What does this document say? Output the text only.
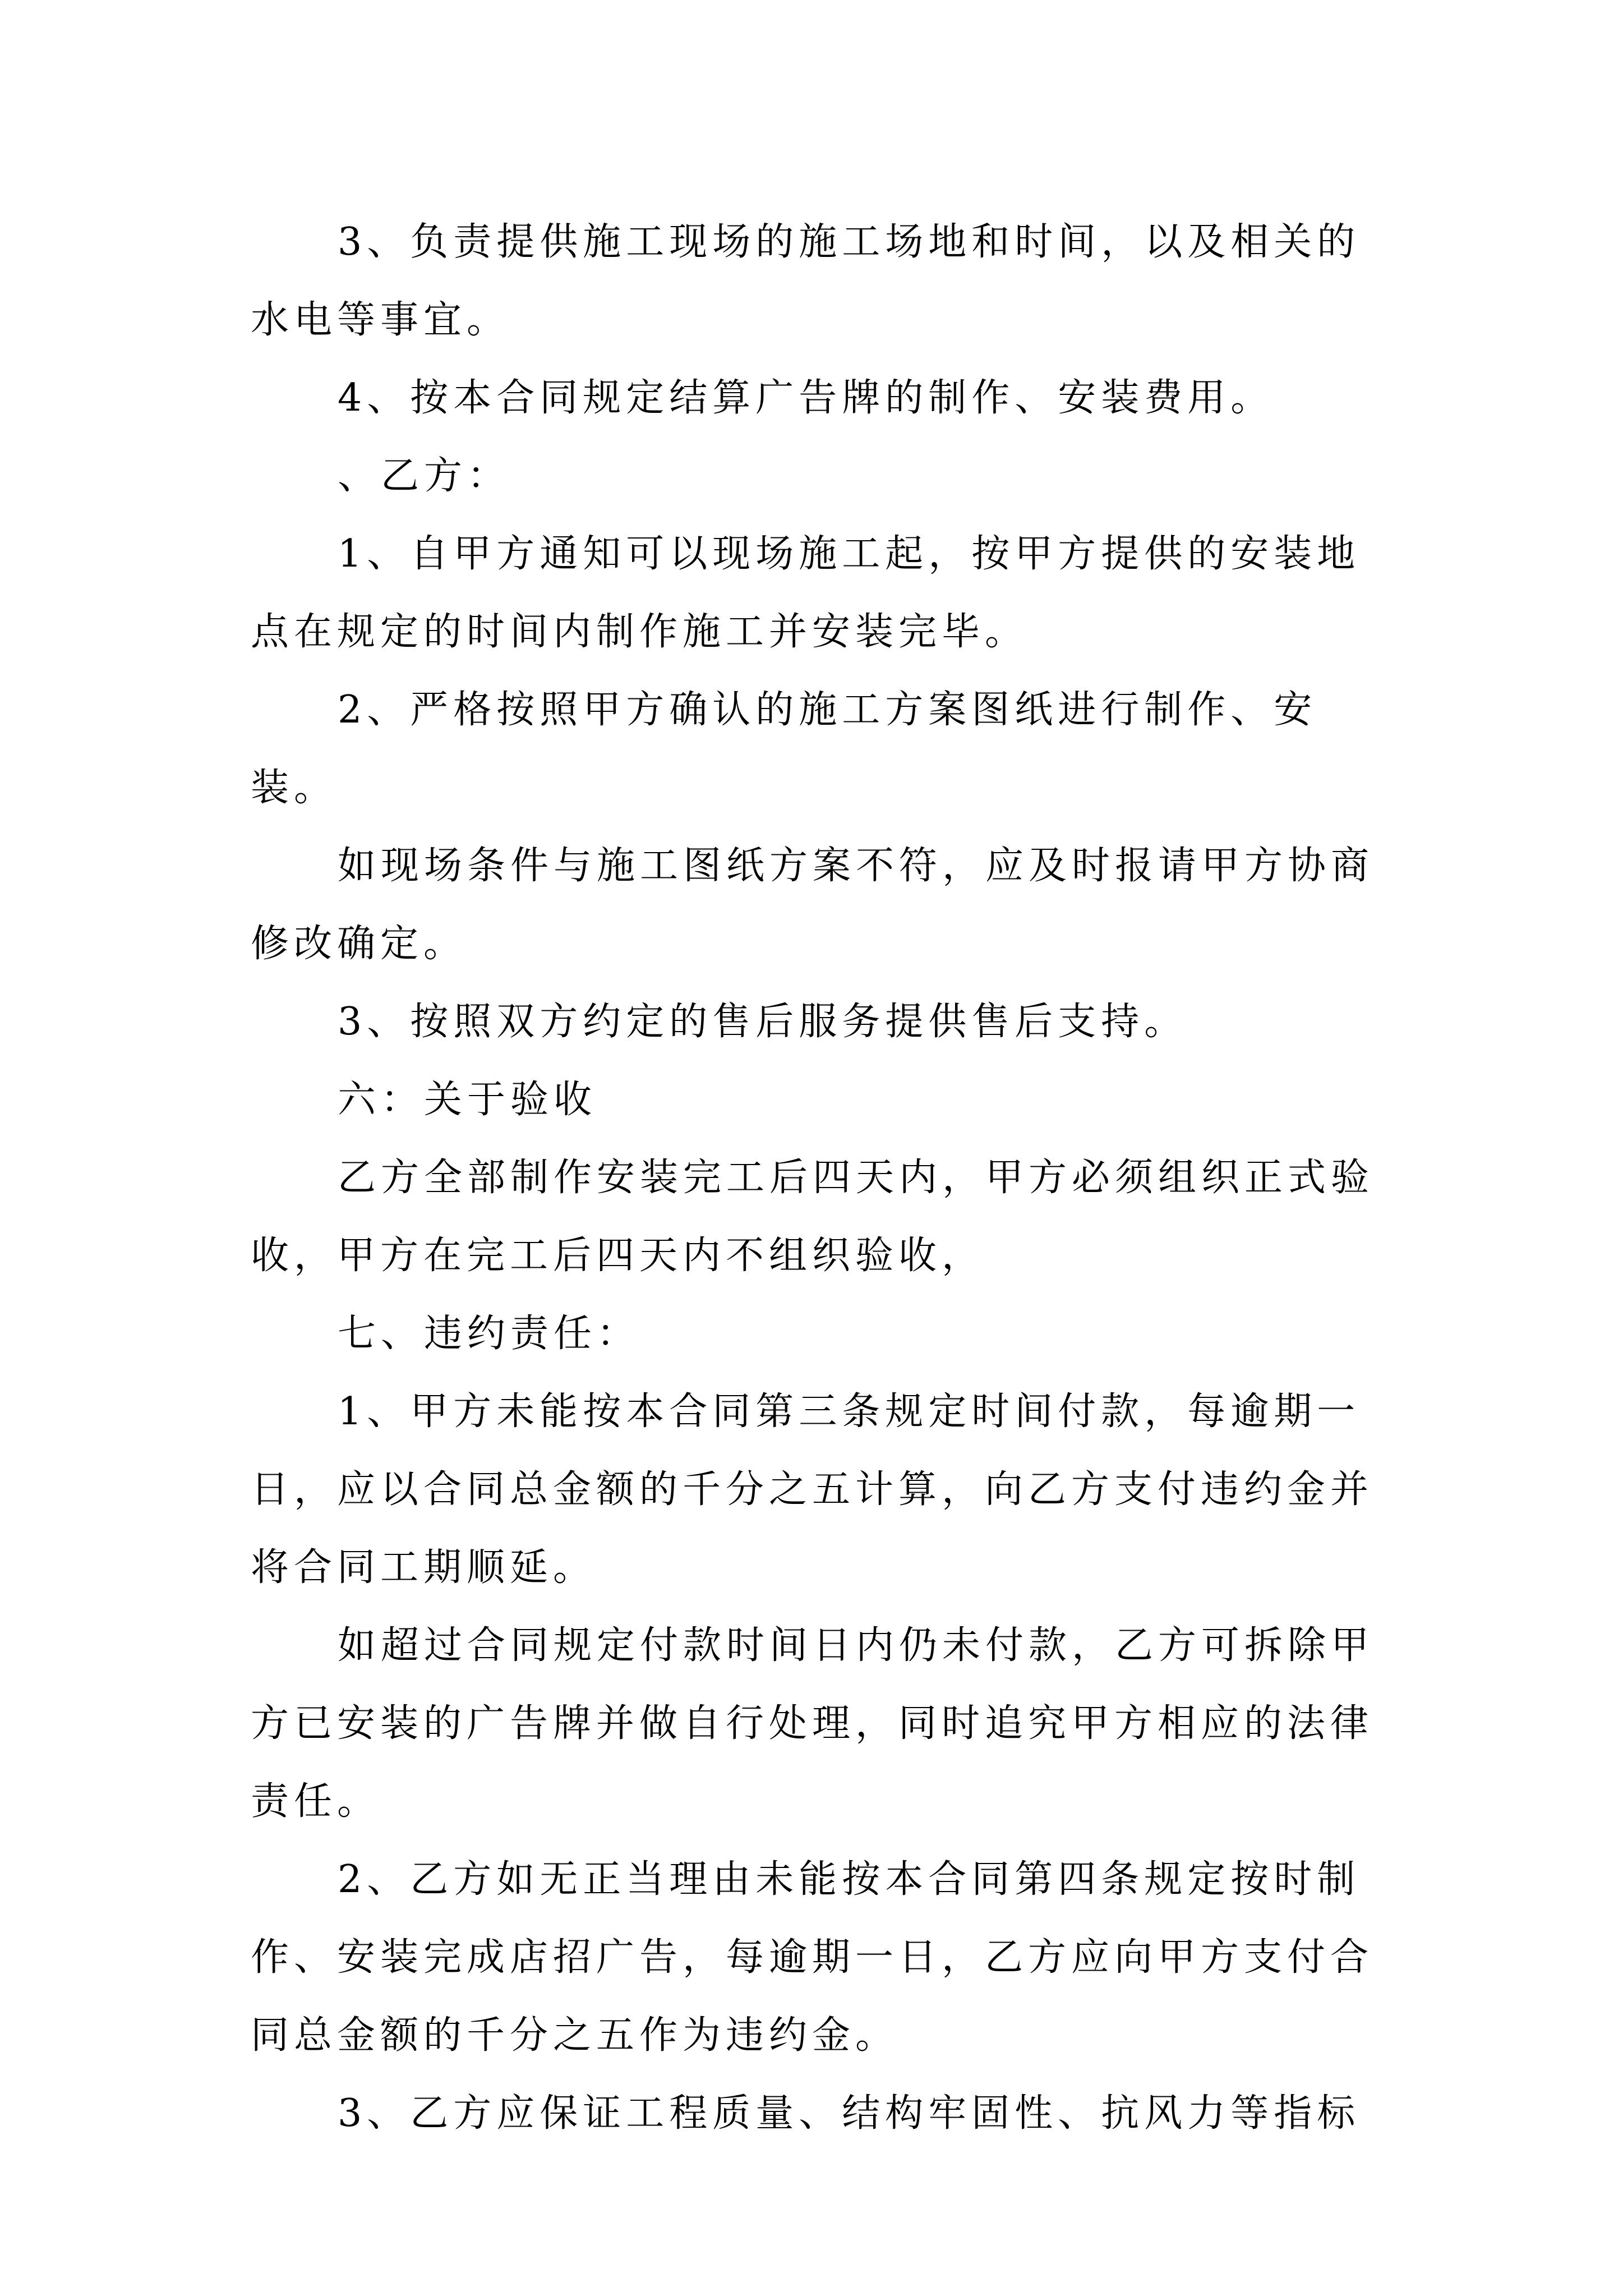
3、负责提供施工现场的施工场地和时间，以及相关的水电等事宜。

4、按本合同规定结算广告牌的制作、安装费用。

、乙方：

1、自甲方通知可以现场施工起，按甲方提供的安装地点在规定的时间内制作施工并安装完毕。

2、严格按照甲方确认的施工方案图纸进行制作、安装。

如现场条件与施工图纸方案不符，应及时报请甲方协商修改确定。

3、按照双方约定的售后服务提供售后支持。

六：关于验收

乙方全部制作安装完工后四天内，甲方必须组织正式验收，甲方在完工后四天内不组织验收，

七、违约责任：

1、甲方未能按本合同第三条规定时间付款，每逾期一日，应以合同总金额的千分之五计算，向乙方支付违约金并将合同工期顺延。

如超过合同规定付款时间日内仍未付款，乙方可拆除甲方已安装的广告牌并做自行处理，同时追究甲方相应的法律责任。

2、乙方如无正当理由未能按本合同第四条规定按时制作、安装完成店招广告，每逾期一日，乙方应向甲方支付合同总金额的千分之五作为违约金。

3、乙方应保证工程质量、结构牢固性、抗风力等指标
